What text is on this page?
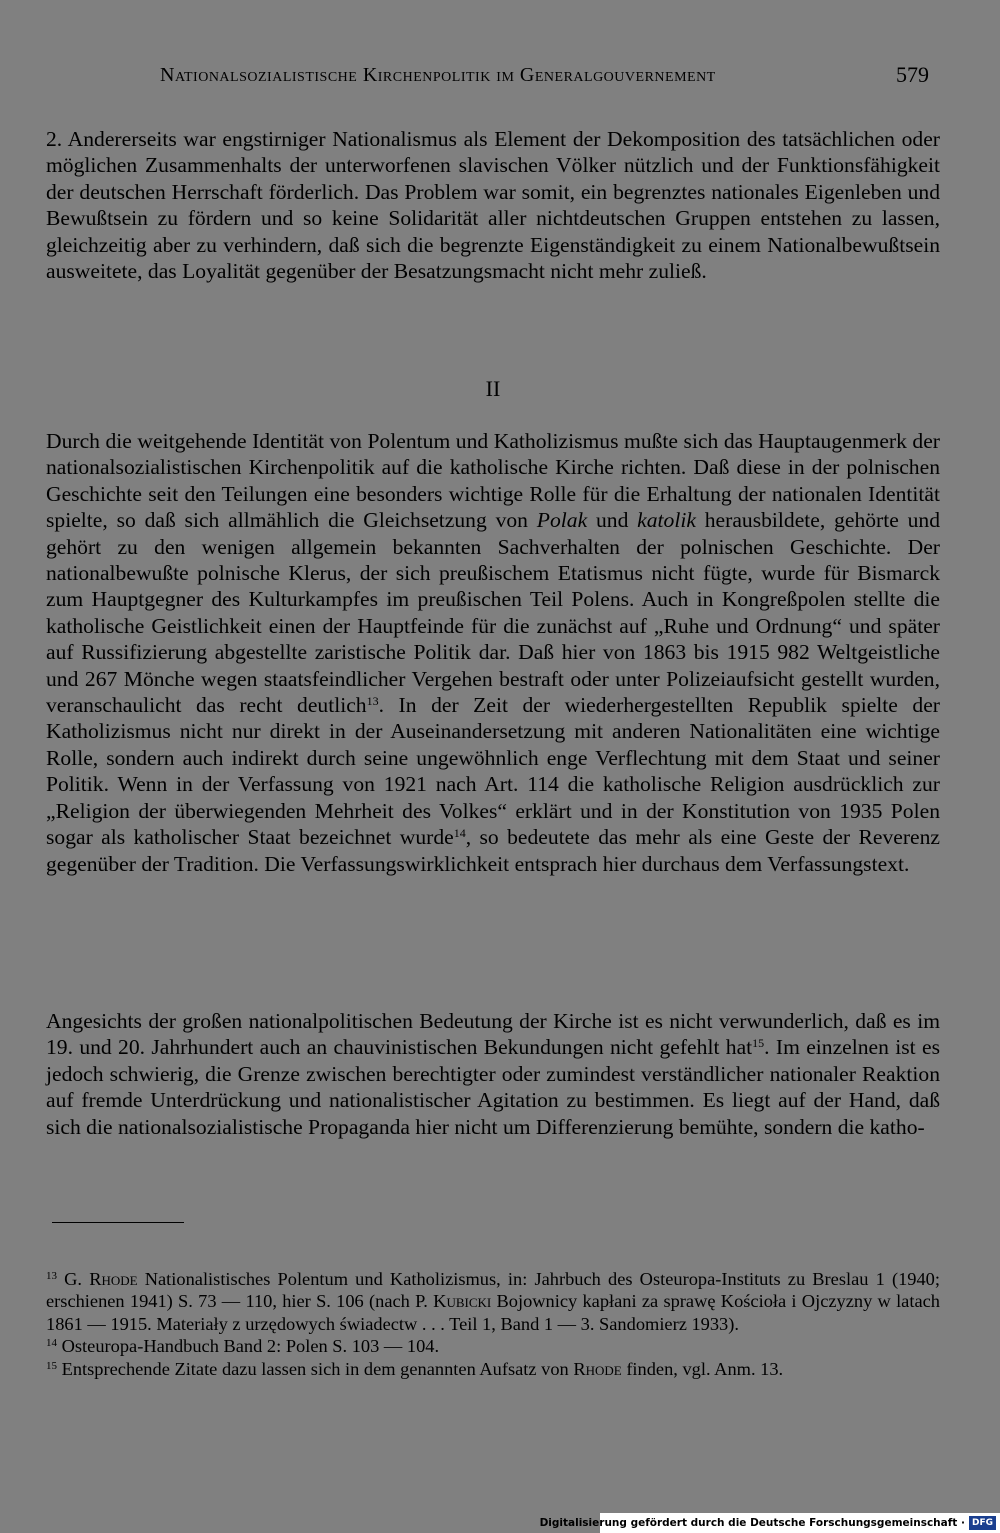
Nationalsozialistische Kirchenpolitik im Generalgouvernement	579

2. Andererseits war engstirniger Nationalismus als Element der Dekomposition des tatsächlichen oder möglichen Zusammenhalts der unterworfenen slavischen Völker nützlich und der Funktionsfähigkeit der deutschen Herrschaft förderlich. Das Problem war somit, ein begrenztes nationales Eigenleben und Bewußtsein zu fördern und so keine Solidarität aller nichtdeutschen Gruppen entstehen zu lassen, gleichzeitig aber zu verhindern, daß sich die begrenzte Eigenständigkeit zu einem Nationalbewußtsein ausweitete, das Loyalität gegenüber der Besatzungsmacht nicht mehr zuließ.

II

Durch die weitgehende Identität von Polentum und Katholizismus mußte sich das Hauptaugenmerk der nationalsozialistischen Kirchenpolitik auf die katholische Kirche richten. Daß diese in der polnischen Geschichte seit den Teilungen eine besonders wichtige Rolle für die Erhaltung der nationalen Identität spielte, so daß sich allmählich die Gleichsetzung von Polak und katolik herausbildete, gehörte und gehört zu den wenigen allgemein bekannten Sachverhalten der polnischen Geschichte. Der nationalbewußte polnische Klerus, der sich preußischem Etatismus nicht fügte, wurde für Bismarck zum Hauptgegner des Kulturkampfes im preußischen Teil Polens. Auch in Kongreßpolen stellte die katholische Geistlichkeit einen der Hauptfeinde für die zunächst auf „Ruhe und Ordnung“ und später auf Russifizierung abgestellte zaristische Politik dar. Daß hier von 1863 bis 1915 982 Weltgeistliche und 267 Mönche wegen staatsfeindlicher Vergehen bestraft oder unter Polizeiaufsicht gestellt wurden, veranschaulicht das recht deutlich$^{13}$. In der Zeit der wiederhergestellten Republik spielte der Katholizismus nicht nur direkt in der Auseinandersetzung mit anderen Nationalitäten eine wichtige Rolle, sondern auch indirekt durch seine ungewöhnlich enge Verflechtung mit dem Staat und seiner Politik. Wenn in der Verfassung von 1921 nach Art. 114 die katholische Religion ausdrücklich zur „Religion der überwiegenden Mehrheit des Volkes“ erklärt und in der Konstitution von 1935 Polen sogar als katholischer Staat bezeichnet wurde$^{14}$, so bedeutete das mehr als eine Geste der Reverenz gegenüber der Tradition. Die Verfassungswirklichkeit entsprach hier durchaus dem Verfassungstext.

Angesichts der großen nationalpolitischen Bedeutung der Kirche ist es nicht verwunderlich, daß es im 19. und 20. Jahrhundert auch an chauvinistischen Bekundungen nicht gefehlt hat$^{15}$. Im einzelnen ist es jedoch schwierig, die Grenze zwischen berechtigter oder zumindest verständlicher nationaler Reaktion auf fremde Unterdrückung und nationalistischer Agitation zu bestimmen. Es liegt auf der Hand, daß sich die nationalsozialistische Propaganda hier nicht um Differenzierung bemühte, sondern die katho-

$^{13}$ G. Rhode Nationalistisches Polentum und Katholizismus, in: Jahrbuch des Osteuropa-Instituts zu Breslau 1 (1940; erschienen 1941) S. 73 — 110, hier S. 106 (nach P. Kubicki Bojownicy kapłani za sprawę Kościoła i Ojczyzny w latach 1861 — 1915. Materiały z urzędowych świadectw . . . Teil 1, Band 1 — 3. Sandomierz 1933).

$^{14}$ Osteuropa-Handbuch Band 2: Polen S. 103 — 104.

$^{15}$ Entsprechende Zitate dazu lassen sich in dem genannten Aufsatz von Rhode finden, vgl. Anm. 13.

Digitalisierung gefördert durch die Deutsche Forschungsgemeinschaft · DFG
